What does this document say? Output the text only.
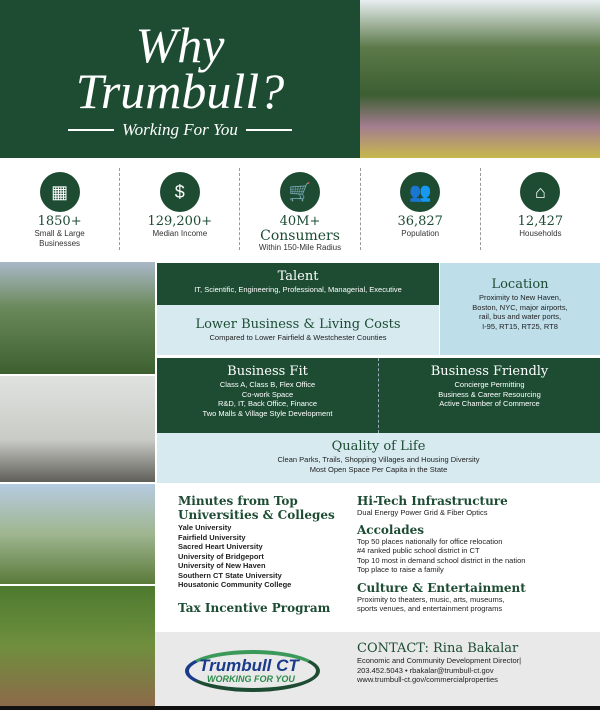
Why
Trumbull?
Working For You
▦
1850+
Small & Large Businesses
$
129,200+
Median Income
🛒
40M+
Consumers
Within 150-Mile Radius
👥
36,827
Population
⌂
12,427
Households
Talent
IT, Scientific, Engineering, Professional, Managerial, Executive
Lower Business & Living Costs
Compared to Lower Fairfield & Westchester Counties
Location
Proximity to New Haven,
Boston, NYC, major airports,
rail, bus and water ports,
I-95, RT15, RT25, RT8
Business Fit
Class A, Class B, Flex Office
Co-work Space
R&D, IT, Back Office, Finance
Two Malls & Village Style Development
Business Friendly
Concierge Permitting
Business & Career Resourcing
Active Chamber of Commerce
Quality of Life
Clean Parks, Trails, Shopping Villages and Housing Diversity
Most Open Space Per Capita in the State
Minutes from Top Universities & Colleges
Yale University
Fairfield University
Sacred Heart University
University of Bridgeport
University of New Haven
Southern CT State University
Housatonic Community College
Tax Incentive Program
Hi-Tech Infrastructure
Dual Energy Power Grid & Fiber Optics
Accolades
Top 50 places nationally for office relocation
#4 ranked public school district in CT
Top 10 most in demand school district in the nation
Top place to raise a family
Culture & Entertainment
Proximity to theaters, music, arts, museums,
sports venues, and entertainment programs
Trumbull CT
WORKING FOR YOU
CONTACT: Rina Bakalar
Economic and Community Development Director|
203.452.5043 • rbakalar@trumbull-ct.gov
www.trumbull-ct.gov/commercialproperties
